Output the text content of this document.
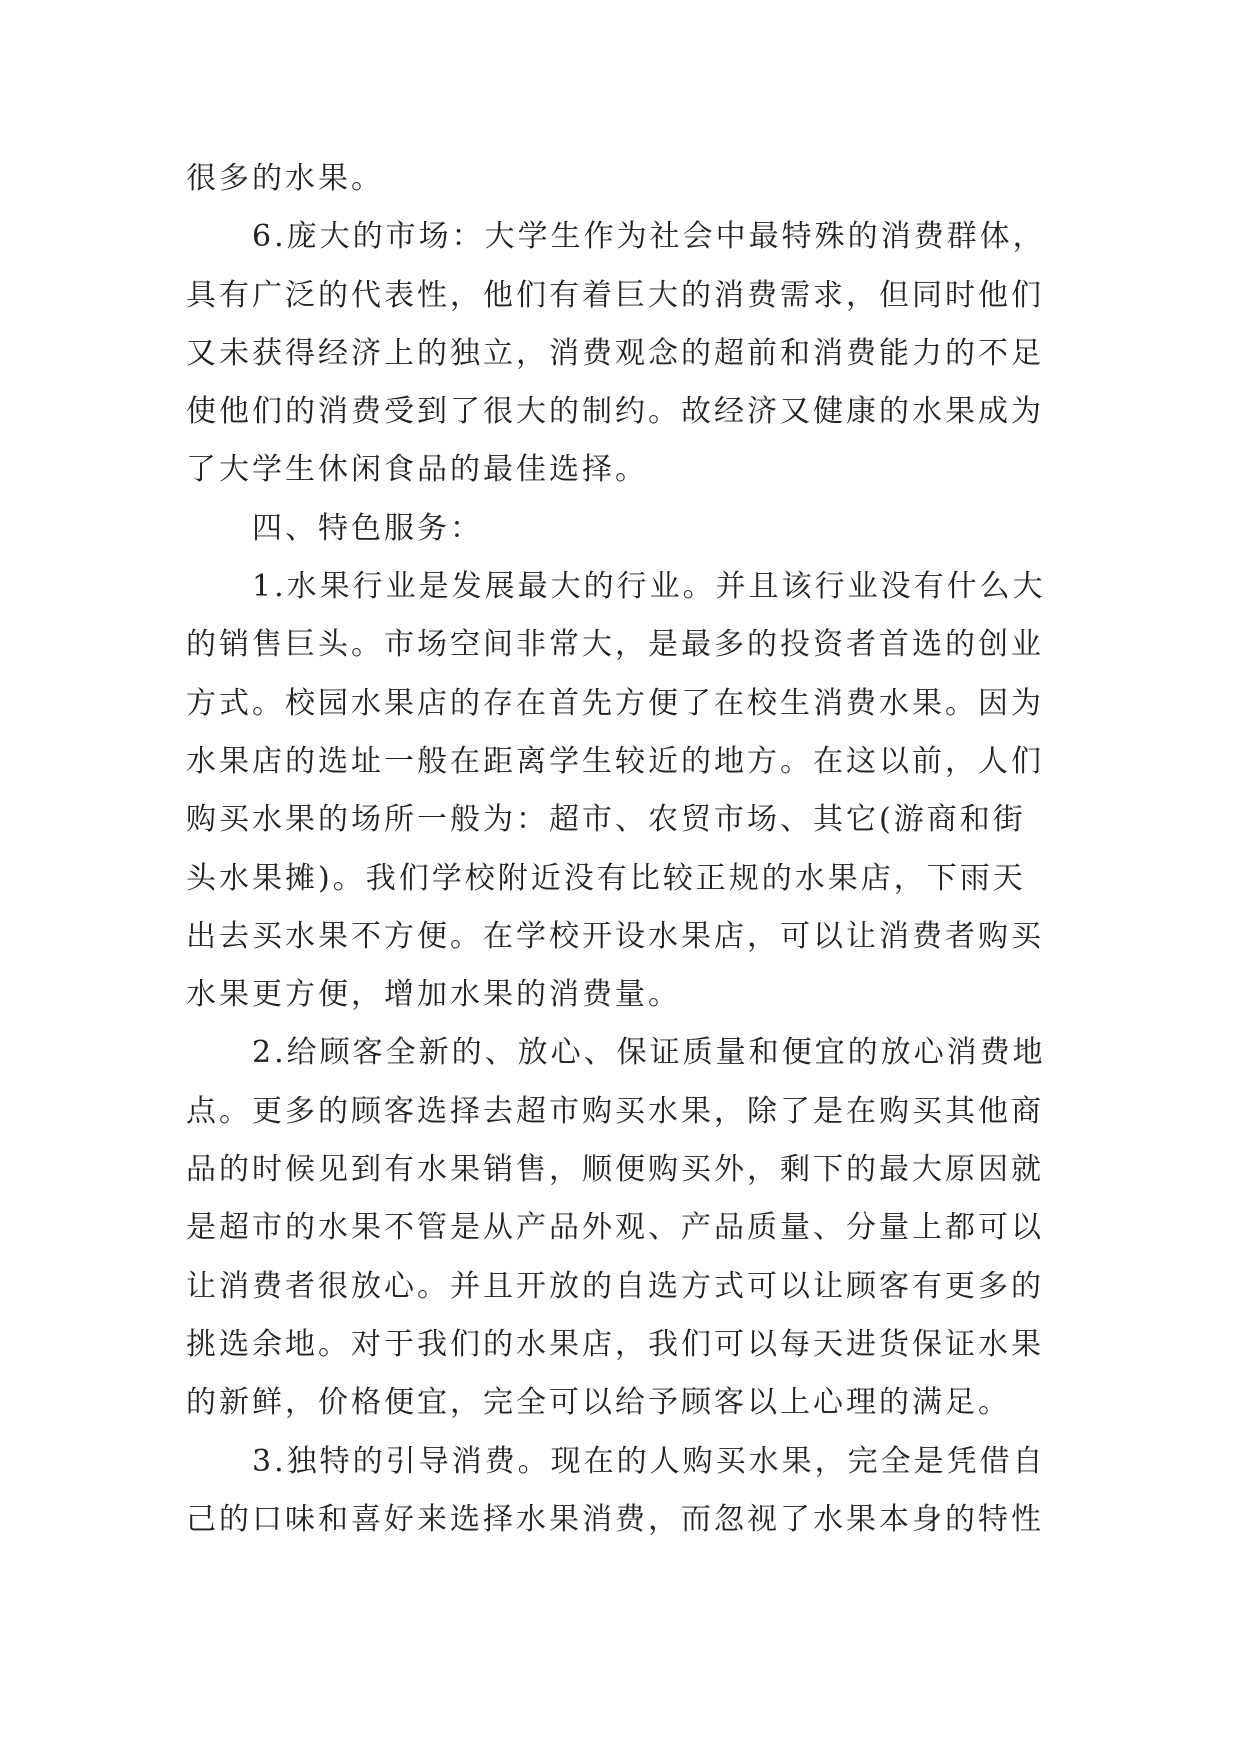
很多的水果。
6.庞大的市场：大学生作为社会中最特殊的消费群体，
具有广泛的代表性，他们有着巨大的消费需求，但同时他们
又未获得经济上的独立，消费观念的超前和消费能力的不足
使他们的消费受到了很大的制约。故经济又健康的水果成为
了大学生休闲食品的最佳选择。
四、特色服务：
1.水果行业是发展最大的行业。并且该行业没有什么大
的销售巨头。市场空间非常大，是最多的投资者首选的创业
方式。校园水果店的存在首先方便了在校生消费水果。因为
水果店的选址一般在距离学生较近的地方。在这以前，人们
购买水果的场所一般为：超市、农贸市场、其它(游商和街
头水果摊)。我们学校附近没有比较正规的水果店，下雨天
出去买水果不方便。在学校开设水果店，可以让消费者购买
水果更方便，增加水果的消费量。
2.给顾客全新的、放心、保证质量和便宜的放心消费地
点。更多的顾客选择去超市购买水果，除了是在购买其他商
品的时候见到有水果销售，顺便购买外，剩下的最大原因就
是超市的水果不管是从产品外观、产品质量、分量上都可以
让消费者很放心。并且开放的自选方式可以让顾客有更多的
挑选余地。对于我们的水果店，我们可以每天进货保证水果
的新鲜，价格便宜，完全可以给予顾客以上心理的满足。
3.独特的引导消费。现在的人购买水果，完全是凭借自
己的口味和喜好来选择水果消费，而忽视了水果本身的特性
